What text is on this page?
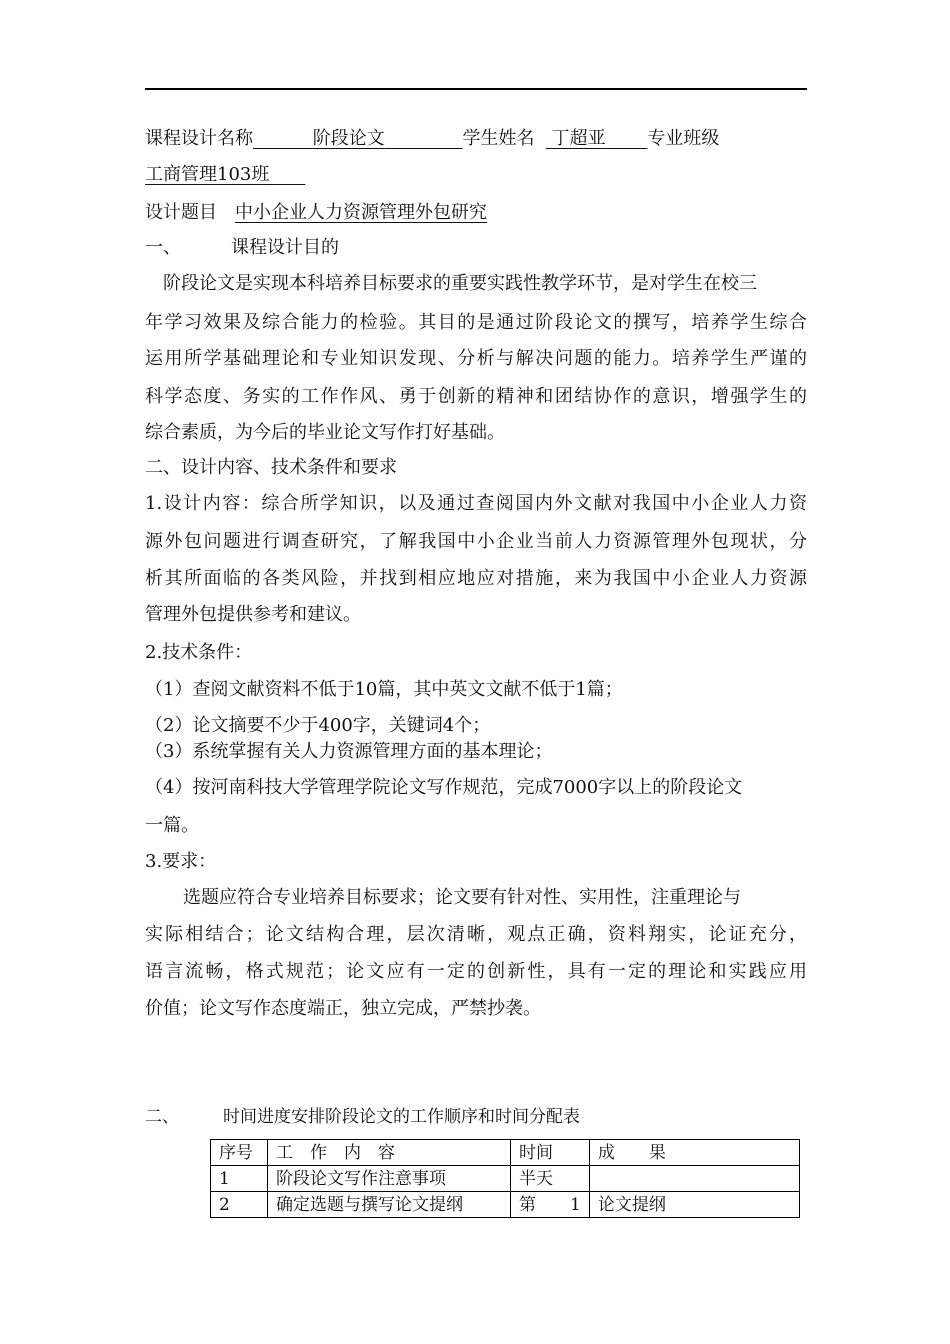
课程设计名称   	阶段论文    	学生姓名 丁超亚   专业班级
工商管理103班  
设计题目  中小企业人力资源管理外包研究
一、	课程设计目的
阶段论文是实现本科培养目标要求的重要实践性教学环节，是对学生在校三
年学习效果及综合能力的检验。其目的是通过阶段论文的撰写，培养学生综合
运用所学基础理论和专业知识发现、分析与解决问题的能力。培养学生严谨的
科学态度、务实的工作作风、勇于创新的精神和团结协作的意识，增强学生的
综合素质，为今后的毕业论文写作打好基础。
二、设计内容、技术条件和要求
1.设计内容：综合所学知识，以及通过查阅国内外文献对我国中小企业人力资
源外包问题进行调查研究，了解我国中小企业当前人力资源管理外包现状，分
析其所面临的各类风险，并找到相应地应对措施，来为我国中小企业人力资源
管理外包提供参考和建议。
2.技术条件：
（1）查阅文献资料不低于10篇，其中英文文献不低于1篇；
（2）论文摘要不少于400字，关键词4个；
（3）系统掌握有关人力资源管理方面的基本理论；
（4）按河南科技大学管理学院论文写作规范，完成7000字以上的阶段论文
一篇。
3.要求：
选题应符合专业培养目标要求；论文要有针对性、实用性，注重理论与
实际相结合；论文结构合理，层次清晰，观点正确，资料翔实，论证充分，
语言流畅，格式规范；论文应有一定的创新性，具有一定的理论和实践应用
价值；论文写作态度端正，独立完成，严禁抄袭。
二、	时间进度安排阶段论文的工作顺序和时间分配表
序号	工　作　内　容	时间	成　　果
1	阶段论文写作注意事项	半天	
2	确定选题与撰写论文提纲	第　　1	论文提纲
